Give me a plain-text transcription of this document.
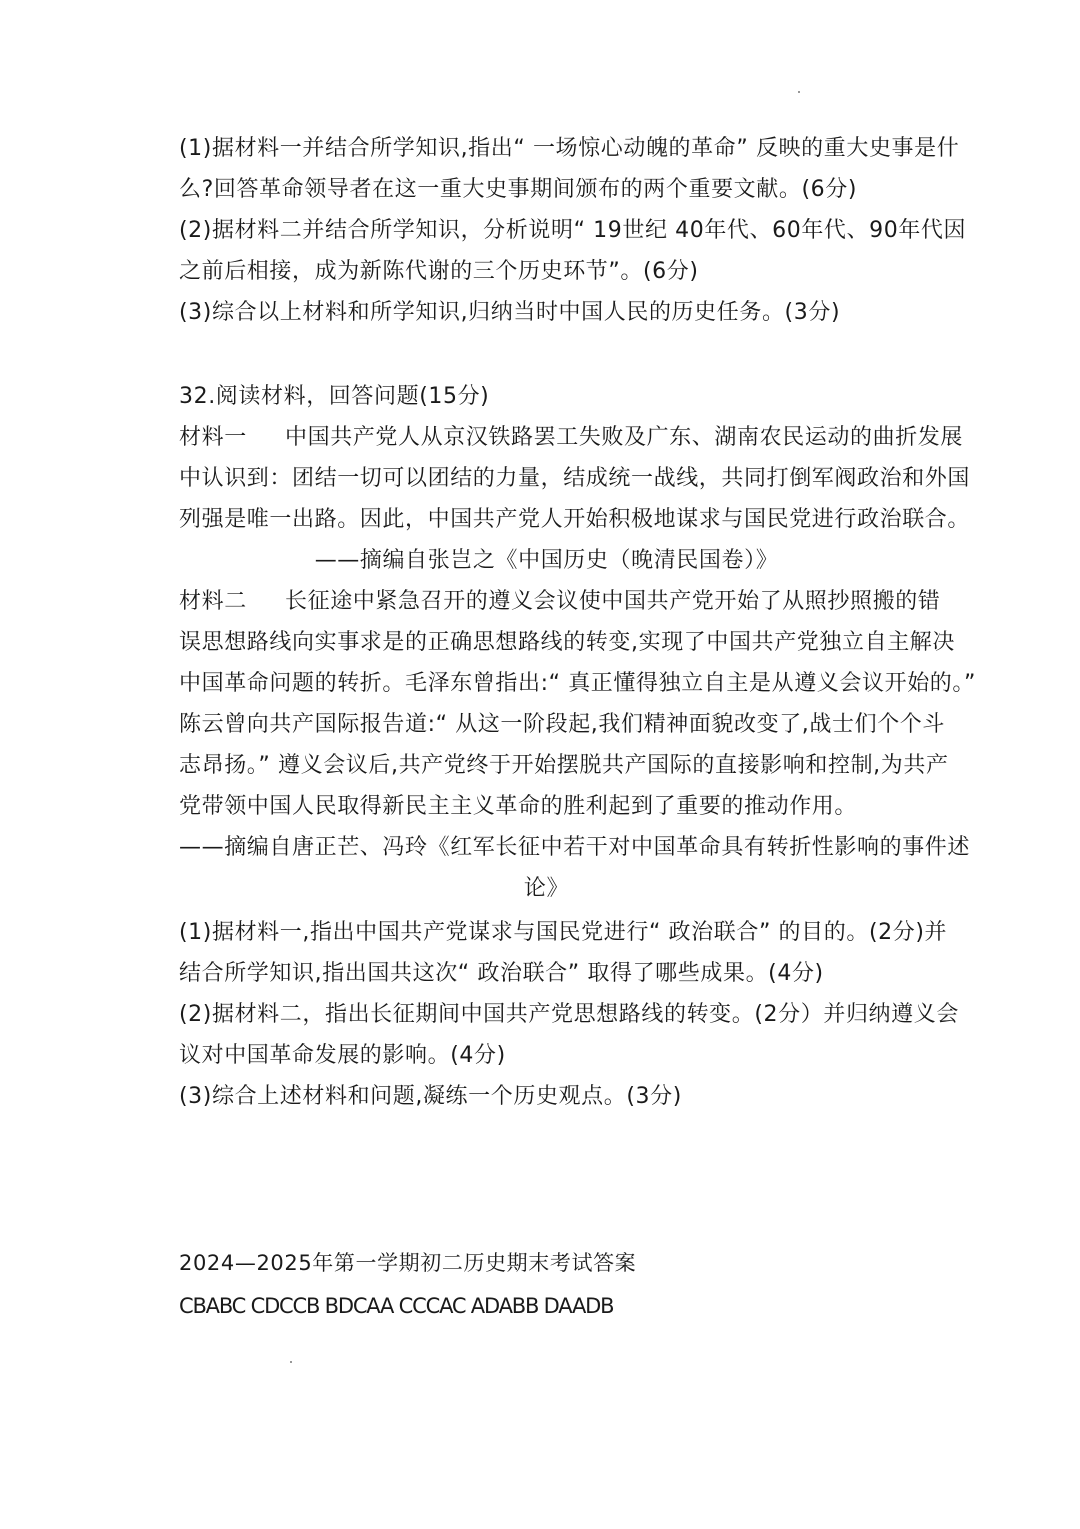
(1)据材料一并结合所学知识,指出“ 一场惊心动魄的革命” 反映的重大史事是什
么?回答革命领导者在这一重大史事期间颁布的两个重要文献。(6分)
(2)据材料二并结合所学知识，分析说明“ 19世纪 40年代、60年代、90年代因
之前后相接，成为新陈代谢的三个历史环节”。(6分)
(3)综合以上材料和所学知识,归纳当时中国人民的历史任务。(3分)
32.阅读材料，回答问题(15分)
材料一 中国共产党人从京汉铁路罢工失败及广东、湖南农民运动的曲折发展
中认识到：团结一切可以团结的力量，结成统一战线，共同打倒军阀政治和外国
列强是唯一出路。因此，中国共产党人开始积极地谋求与国民党进行政治联合。
——摘编自张岂之《中国历史（晚清民国卷）》
材料二 长征途中紧急召开的遵义会议使中国共产党开始了从照抄照搬的错
误思想路线向实事求是的正确思想路线的转变,实现了中国共产党独立自主解决
中国革命问题的转折。毛泽东曾指出:“ 真正懂得独立自主是从遵义会议开始的。”
陈云曾向共产国际报告道:“ 从这一阶段起,我们精神面貌改变了,战士们个个斗
志昂扬。” 遵义会议后,共产党终于开始摆脱共产国际的直接影响和控制,为共产
党带领中国人民取得新民主主义革命的胜利起到了重要的推动作用。
——摘编自唐正芒、冯玲《红军长征中若干对中国革命具有转折性影响的事件述
论》
(1)据材料一,指出中国共产党谋求与国民党进行“ 政治联合” 的目的。(2分)并
结合所学知识,指出国共这次“ 政治联合” 取得了哪些成果。(4分)
(2)据材料二，指出长征期间中国共产党思想路线的转变。(2分）并归纳遵义会
议对中国革命发展的影响。(4分)
(3)综合上述材料和问题,凝练一个历史观点。(3分)
2024—2025年第一学期初二历史期末考试答案
CBABC CDCCB BDCAA CCCAC ADABB DAADB
